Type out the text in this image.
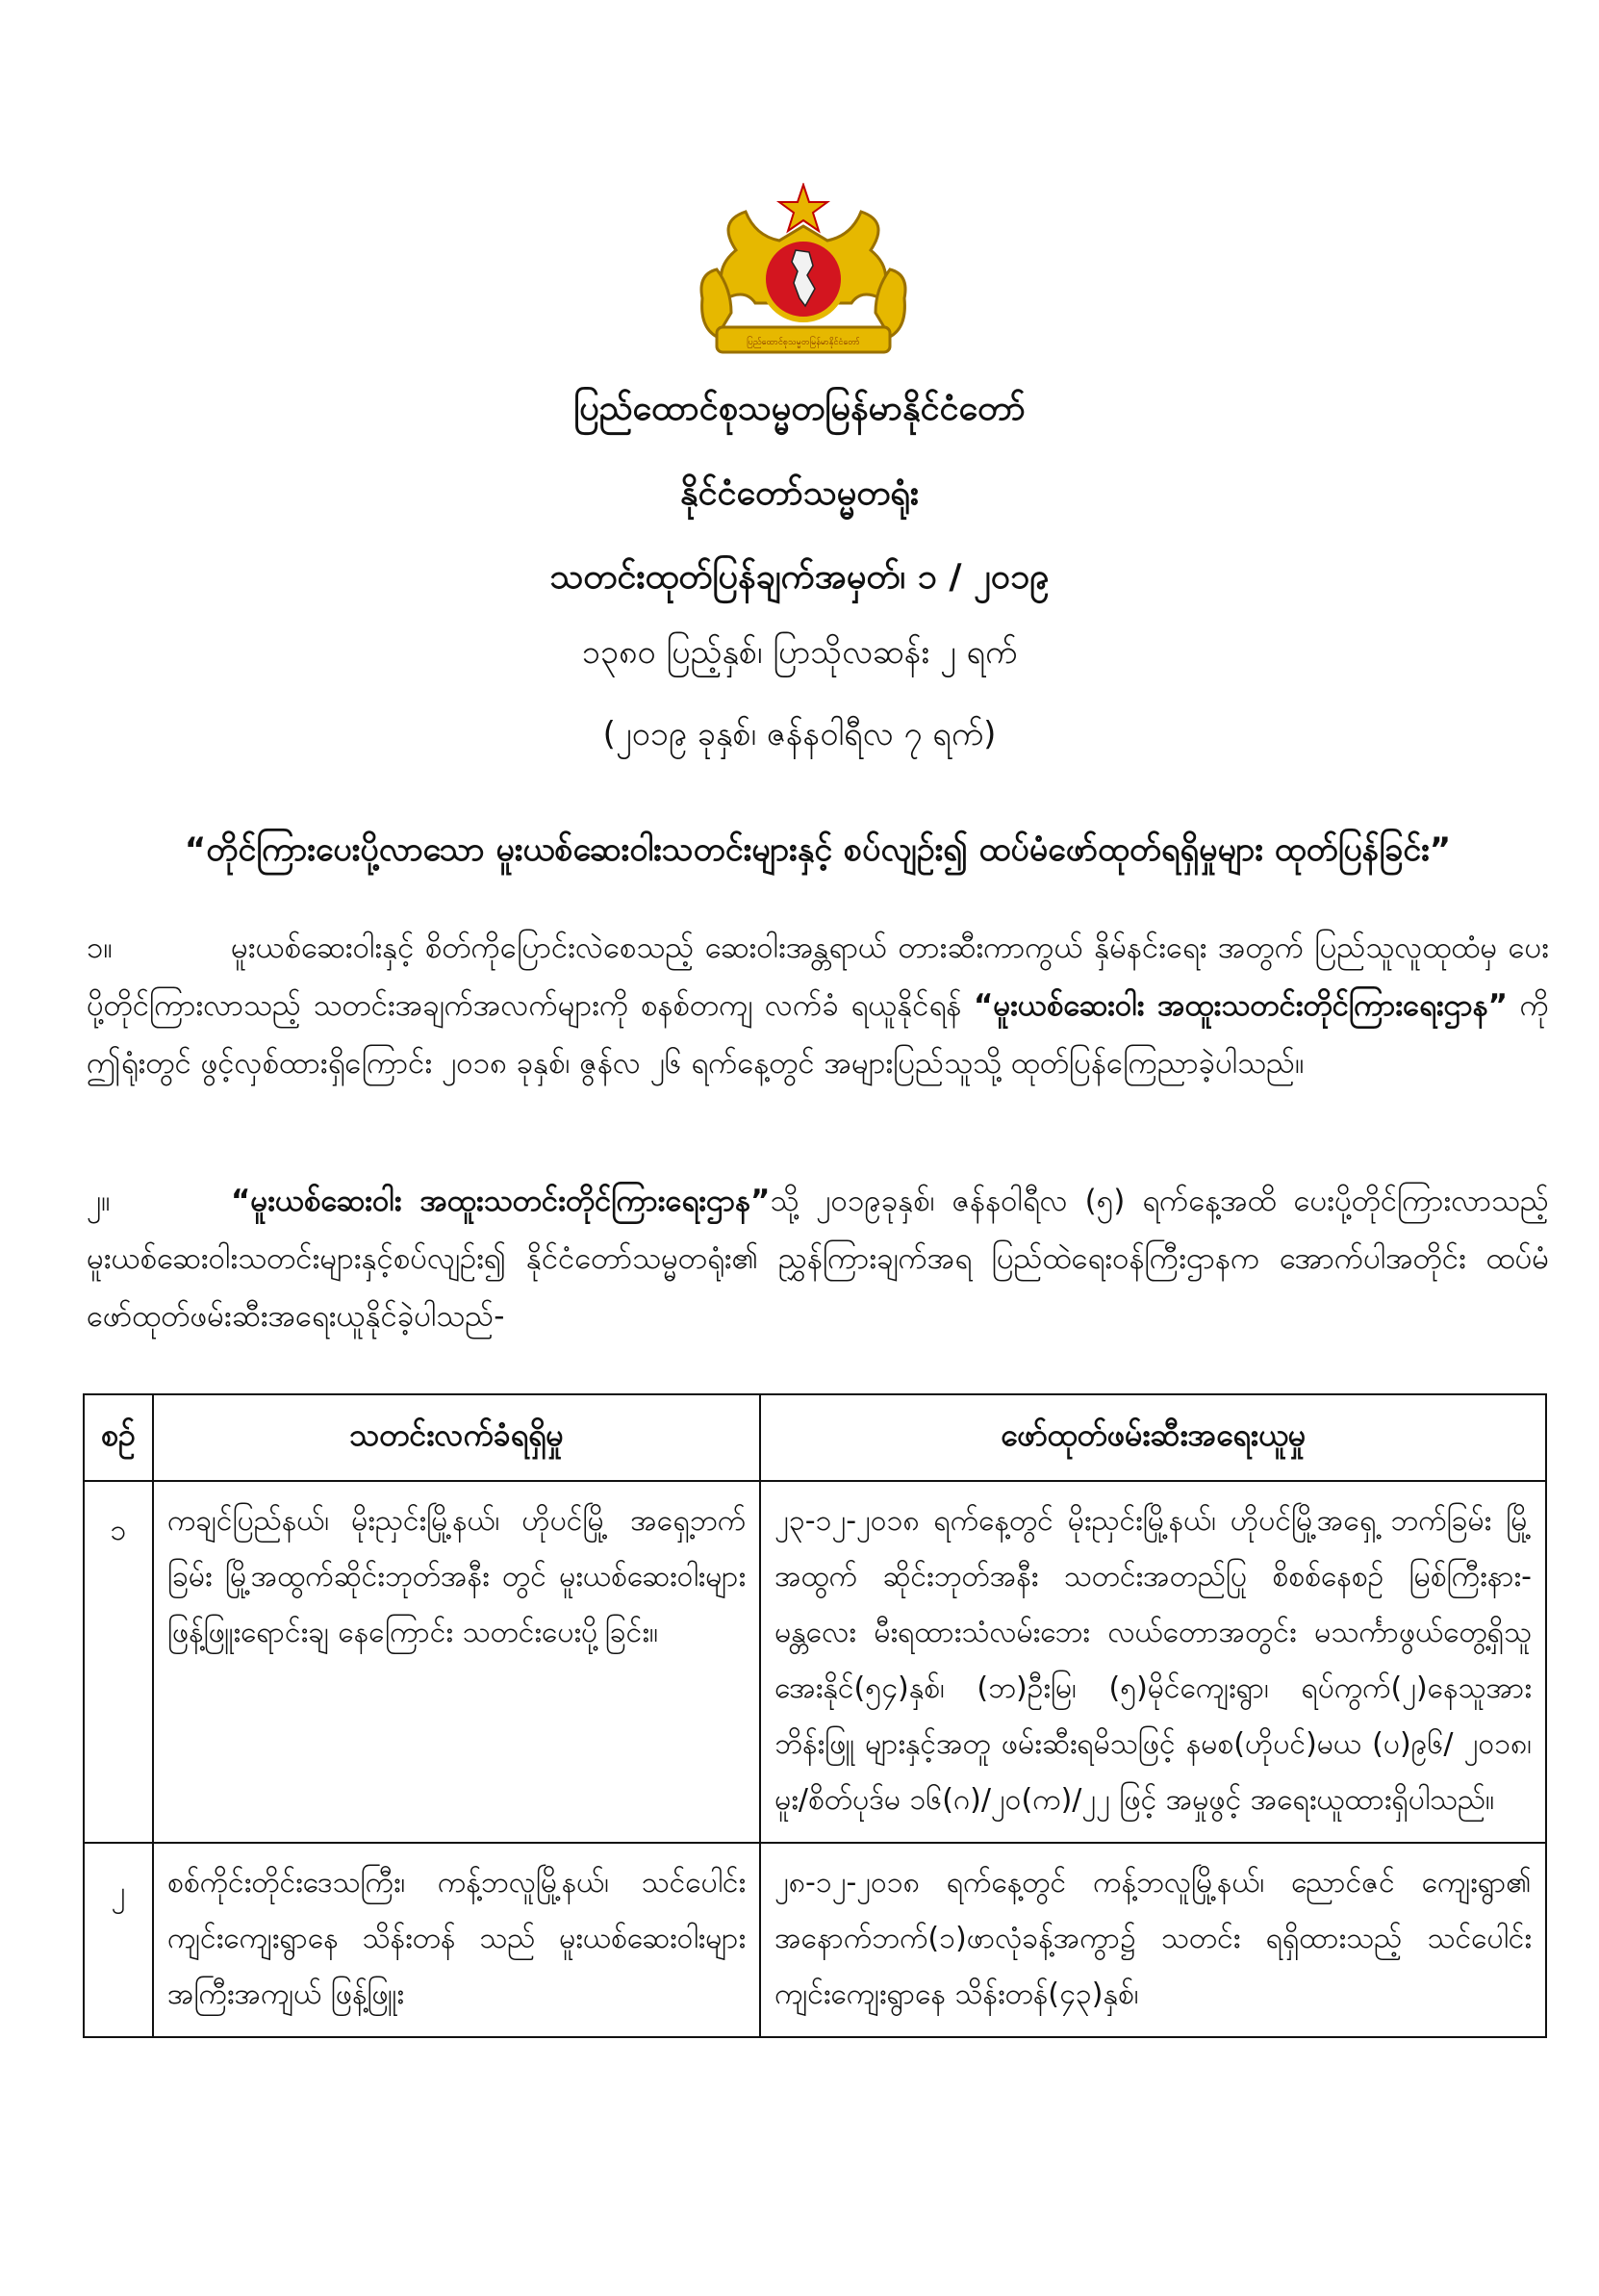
ပြည်ထောင်စုသမ္မတမြန်မာနိုင်ငံတော်
ပြည်ထောင်စုသမ္မတမြန်မာနိုင်ငံတော်
နိုင်ငံတော်သမ္မတရုံး
သတင်းထုတ်ပြန်ချက်အမှတ်၊ ၁ / ၂၀၁၉
၁၃၈၀ ပြည့်နှစ်၊ ပြာသိုလဆန်း ၂ ရက်
(၂၀၁၉ ခုနှစ်၊ ဇန်နဝါရီလ ၇ ရက်)
“တိုင်ကြားပေးပို့လာသော မူးယစ်ဆေးဝါးသတင်းများနှင့် စပ်လျဉ်း၍ ထပ်မံဖော်ထုတ်ရရှိမှုများ ထုတ်ပြန်ခြင်း”
၁။	မူးယစ်ဆေးဝါးနှင့် စိတ်ကိုပြောင်းလဲစေသည့် ဆေးဝါးအန္တရာယ် တားဆီးကာကွယ် နှိမ်နင်းရေး အတွက် ပြည်သူလူထုထံမှ ပေးပို့တိုင်ကြားလာသည့် သတင်းအချက်အလက်များကို စနစ်တကျ လက်ခံ ရယူနိုင်ရန် “မူးယစ်ဆေးဝါး အထူးသတင်းတိုင်ကြားရေးဌာန” ကို ဤရုံးတွင် ဖွင့်လှစ်ထားရှိကြောင်း ၂၀၁၈ ခုနှစ်၊ ဇွန်လ ၂၆ ရက်နေ့တွင် အများပြည်သူသို့ ထုတ်ပြန်ကြေညာခဲ့ပါသည်။
၂။	“မူးယစ်ဆေးဝါး အထူးသတင်းတိုင်ကြားရေးဌာန”သို့ ၂၀၁၉ခုနှစ်၊ ဇန်နဝါရီလ (၅) ရက်နေ့အထိ ပေးပို့တိုင်ကြားလာသည့် မူးယစ်ဆေးဝါးသတင်းများနှင့်စပ်လျဉ်း၍ နိုင်ငံတော်သမ္မတရုံး၏ ညွှန်ကြားချက်အရ ပြည်ထဲရေးဝန်ကြီးဌာနက အောက်ပါအတိုင်း ထပ်မံဖော်ထုတ်ဖမ်းဆီးအရေးယူနိုင်ခဲ့ပါသည်-
စဉ်	သတင်းလက်ခံရရှိမှု	ဖော်ထုတ်ဖမ်းဆီးအရေးယူမှု
၁	ကချင်ပြည်နယ်၊ မိုးညှင်းမြို့နယ်၊ ဟိုပင်မြို့ အရှေ့ဘက်ခြမ်း မြို့အထွက်ဆိုင်းဘုတ်အနီး တွင် မူးယစ်ဆေးဝါးများ ဖြန့်ဖြူးရောင်းချ နေကြောင်း သတင်းပေးပို့ခြင်း။	၂၃-၁၂-၂၀၁၈ ရက်နေ့တွင် မိုးညှင်းမြို့နယ်၊ ဟိုပင်မြို့အရှေ့ ဘက်ခြမ်း မြို့အထွက် ဆိုင်းဘုတ်အနီး သတင်းအတည်ပြု စိစစ်နေစဉ် မြစ်ကြီးနား- မန္တလေး မီးရထားသံလမ်းဘေး လယ်တောအတွင်း မသင်္ကာဖွယ်တွေ့ရှိသူ အေးနိုင်(၅၄)နှစ်၊ (ဘ)ဦးမြ၊ (၅)မိုင်ကျေးရွာ၊ ရပ်ကွက်(၂)နေသူအား ဘိန်းဖြူ များနှင့်အတူ ဖမ်းဆီးရမိသဖြင့် နမစ(ဟိုပင်)မယ (ပ)၉၆/ ၂၀၁၈၊ မူး/စိတ်ပုဒ်မ ၁၆(ဂ)/၂၀(က)/၂၂ ဖြင့် အမှုဖွင့် အရေးယူထားရှိပါသည်။
၂	စစ်ကိုင်းတိုင်းဒေသကြီး၊ ကန့်ဘလူမြို့နယ်၊ သင်ပေါင်းကျင်းကျေးရွာနေ သိန်းတန် သည် မူးယစ်ဆေးဝါးများ အကြီးအကျယ် ဖြန့်ဖြူး	၂၈-၁၂-၂၀၁၈ ရက်နေ့တွင် ကန့်ဘလူမြို့နယ်၊ ညောင်ဇင် ကျေးရွာ၏ အနောက်ဘက်(၁)ဖာလုံခန့်အကွာ၌ သတင်း ရရှိထားသည့် သင်ပေါင်းကျင်းကျေးရွာနေ သိန်းတန်(၄၃)နှစ်၊
